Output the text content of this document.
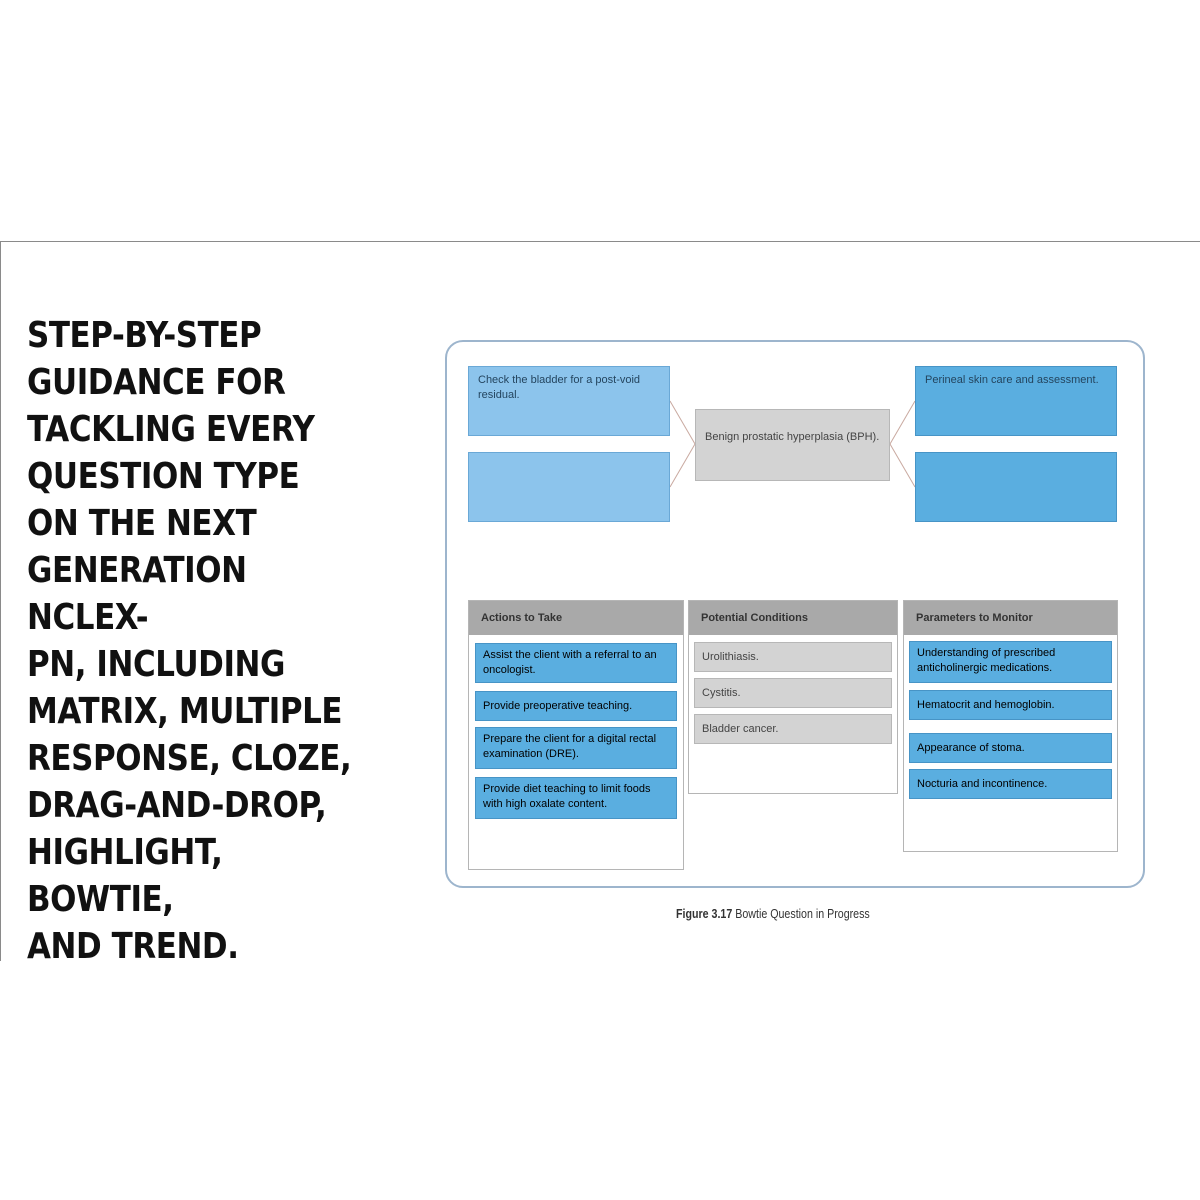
STEP-BY-STEP
GUIDANCE FOR
TACKLING EVERY
QUESTION TYPE
ON THE NEXT
GENERATION NCLEX-
PN, INCLUDING
MATRIX, MULTIPLE
RESPONSE, CLOZE,
DRAG-AND-DROP,
HIGHLIGHT, BOWTIE,
AND TREND.
Check the bladder for a post-void residual.
Benign prostatic hyperplasia (BPH).
Perineal skin care and assessment.
Actions to Take
Assist the client with a referral to an oncologist.
Provide preoperative teaching.
Prepare the client for a digital rectal examination (DRE).
Provide diet teaching to limit foods with high oxalate content.
Potential Conditions
Urolithiasis.
Cystitis.
Bladder cancer.
Parameters to Monitor
Understanding of prescribed anticholinergic medications.
Hematocrit and hemoglobin.
Appearance of stoma.
Nocturia and incontinence.
Figure 3.17 Bowtie Question in Progress
